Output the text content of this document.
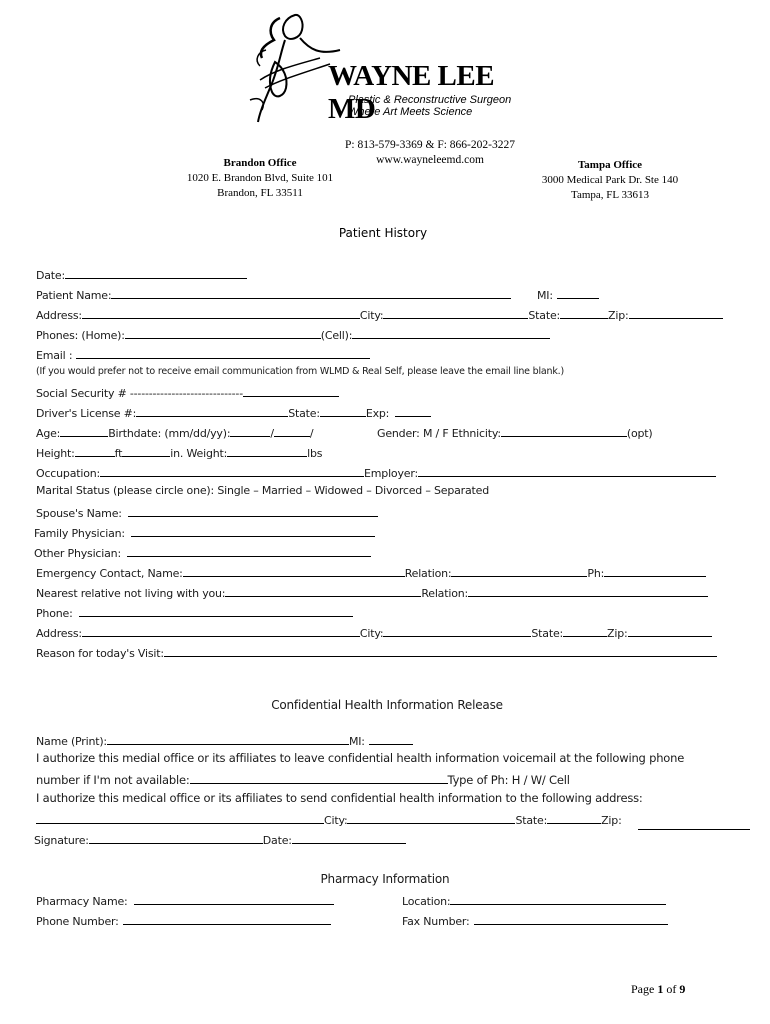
WAYNE LEE MD
Plastic & Reconstructive Surgeon
Where Art Meets Science
P: 813-579-3369 & F: 866-202-3227
www.wayneleemd.com
Brandon Office
1020 E. Brandon Blvd, Suite 101
Brandon, FL 33511
Tampa Office
3000 Medical Park Dr. Ste 140
Tampa, FL 33613
Patient History
Date:
Patient Name:	MI:
Address:	City:	State:	Zip:
Phones: (Home):	(Cell):
Email :
(If you would prefer not to receive email communication from WLMD & Real Self, please leave the email line blank.)
Social Security # ------------------------------
Driver's License #:	State:	Exp:
Age:	Birthdate: (mm/dd/yy):	/	/	Gender: M / F Ethnicity:	(opt)
Height:	ft	in. Weight:	lbs
Occupation:	Employer:
Marital Status (please circle one): Single – Married – Widowed – Divorced – Separated
Spouse's Name:
Family Physician:
Other Physician:
Emergency Contact, Name:	Relation:	Ph:
Nearest relative not living with you:	Relation:
Phone:
Address:	City:	State:	Zip:
Reason for today's Visit:
Confidential Health Information Release
Name (Print):	MI:
I authorize this medial office or its affiliates to leave confidential health information voicemail at the following phone
number if I'm not available:	Type of Ph: H / W/ Cell
I authorize this medical office or its affiliates to send confidential health information to the following address:
City:	State:	Zip:
Signature:	Date:
Pharmacy Information
Pharmacy Name:	Location:
Phone Number:	Fax Number:
Page 1 of 9
